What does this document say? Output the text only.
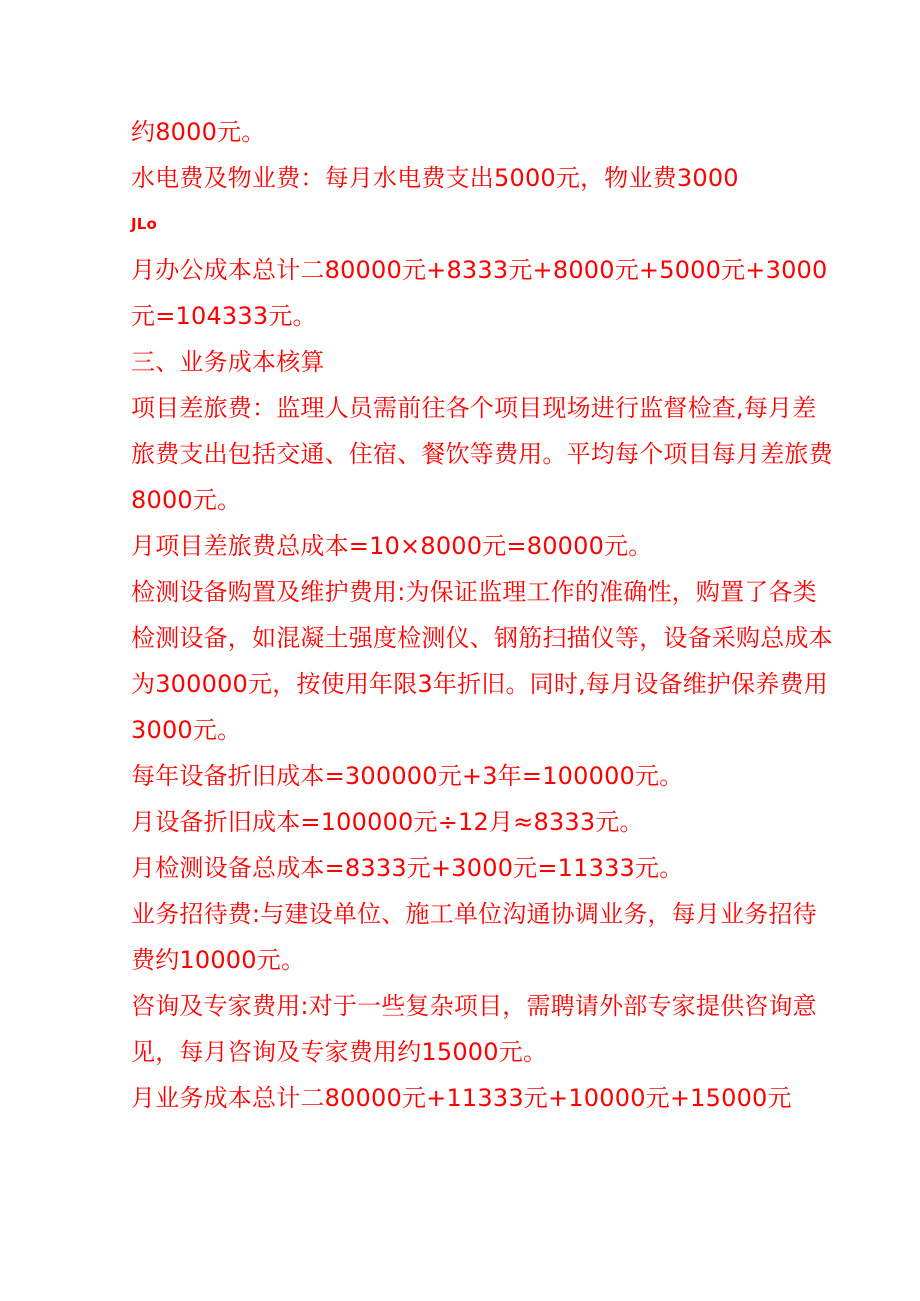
约8000元。
水电费及物业费：每月水电费支出5000元，物业费3000
JLo
月办公成本总计二80000元+8333元+8000元+5000元+3000
元=104333元。
三、业务成本核算
项目差旅费：监理人员需前往各个项目现场进行监督检查,每月差
旅费支出包括交通、住宿、餐饮等费用。平均每个项目每月差旅费
8000元。
月项目差旅费总成本=10×8000元=80000元。
检测设备购置及维护费用:为保证监理工作的准确性，购置了各类
检测设备，如混凝土强度检测仪、钢筋扫描仪等，设备采购总成本
为300000元，按使用年限3年折旧。同时,每月设备维护保养费用
3000元。
每年设备折旧成本=300000元+3年=100000元。
月设备折旧成本=100000元÷12月≈8333元。
月检测设备总成本=8333元+3000元=11333元。
业务招待费:与建设单位、施工单位沟通协调业务，每月业务招待
费约10000元。
咨询及专家费用:对于一些复杂项目，需聘请外部专家提供咨询意
见，每月咨询及专家费用约15000元。
月业务成本总计二80000元+11333元+10000元+15000元
